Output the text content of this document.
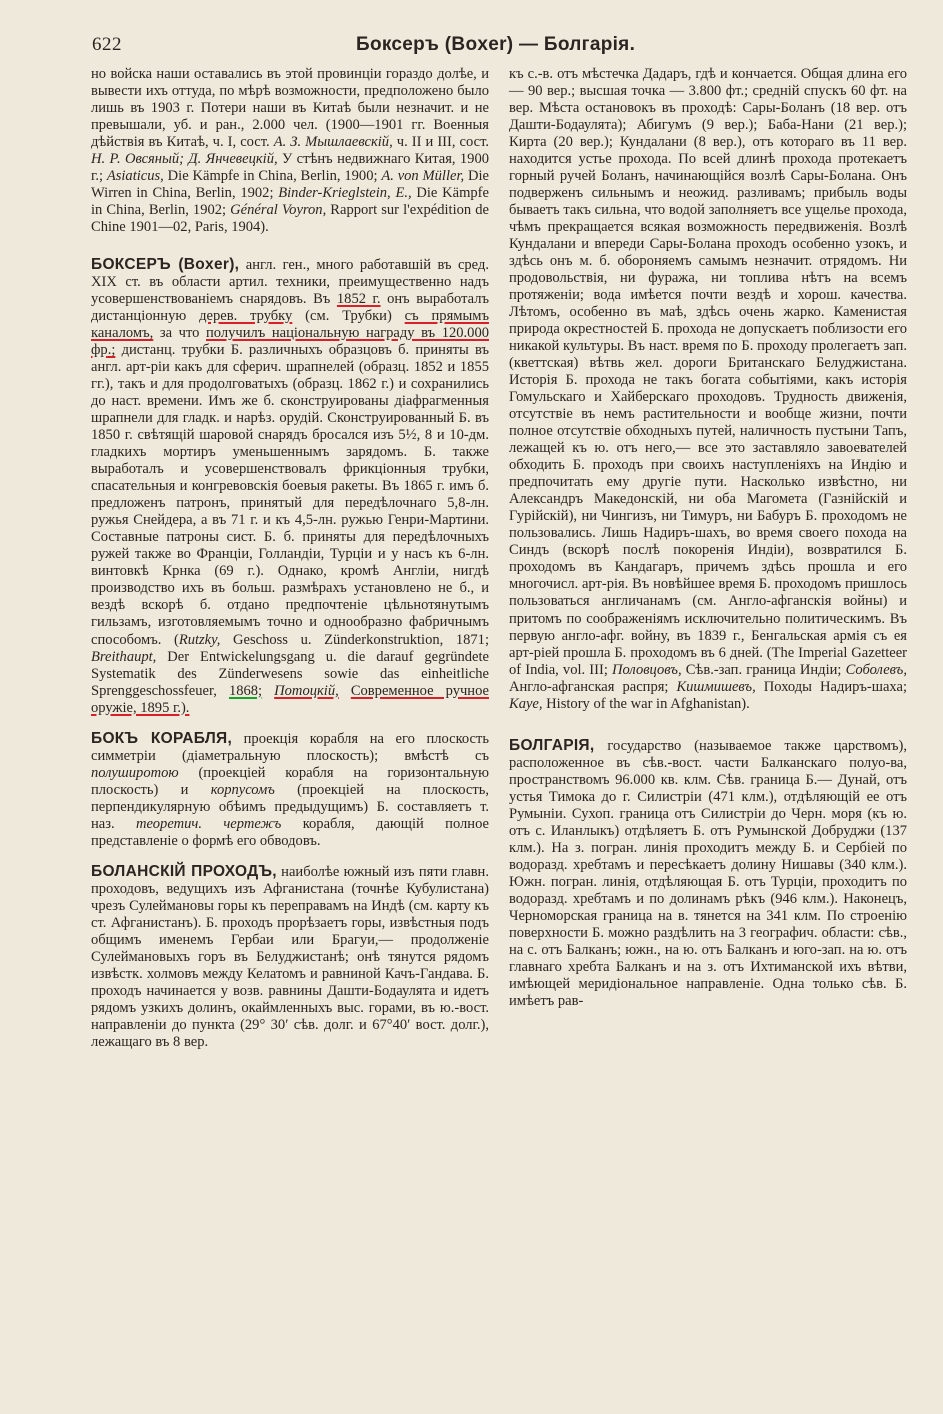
622	Боксеръ (Boxer) — Болгарія.

но войска наши оставались въ этой провинціи гораздо долѣе, и вывести ихъ оттуда, по мѣрѣ возможности, предположено было лишь въ 1903 г. Потери наши въ Китаѣ были незначит. и не превышали, уб. и ран., 2.000 чел. (1900—1901 гг. Военныя дѣйствія въ Китаѣ, ч. I, сост. А. З. Мышлаевскій, ч. II и III, сост. Н. Р. Овсяный; Д. Янчевецкій, У стѣнъ недвижнаго Китая, 1900 г.; Asiaticus, Die Kämpfe in China, Berlin, 1900; A. von Müller, Die Wirren in China, Berlin, 1902; Binder-Krieglstein, E., Die Kämpfe in China, Berlin, 1902; Général Voyron, Rapport sur l'expédition de Chine 1901—02, Paris, 1904).

БОКСЕРЪ (Boxer), англ. ген., много работавшій въ сред. XIX ст. въ области артил. техники, преимущественно надъ усовершенствованіемъ снарядовъ. Въ 1852 г. онъ выработалъ дистанціонную дерев. трубку (см. Трубки) съ прямымъ каналомъ, за что получилъ національную награду въ 120.000 фр.; дистанц. трубки Б. различныхъ образцовъ б. приняты въ англ. арт-ріи какъ для сферич. шрапнелей (образц. 1852 и 1855 гг.), такъ и для продолговатыхъ (образц. 1862 г.) и сохранились до наст. времени. Имъ же б. сконструированы діафрагменныя шрапнели для гладк. и нарѣз. орудій. Сконструированный Б. въ 1850 г. свѣтящій шаровой снарядъ бросался изъ 5½, 8 и 10-дм. гладкихъ мортиръ уменьшеннымъ зарядомъ. Б. также выработалъ и усовершенствовалъ фрикціонныя трубки, спасательныя и конгревовскія боевыя ракеты. Въ 1865 г. имъ б. предложенъ патронъ, принятый для передѣлочнаго 5,8-лн. ружья Снейдера, а въ 71 г. и къ 4,5-лн. ружью Генри-Мартини. Составные патроны сист. Б. б. приняты для передѣлочныхъ ружей также во Франціи, Голландіи, Турціи и у насъ къ 6-лн. винтовкѣ Крнка (69 г.). Однако, кромѣ Англіи, нигдѣ производство ихъ въ больш. размѣрахъ установлено не б., и вездѣ вскорѣ б. отдано предпочтеніе цѣльнотянутымъ гильзамъ, изготовляемымъ точно и однообразно фабричнымъ способомъ. (Rutzky, Geschoss u. Zünderkonstruktion, 1871; Breithaupt, Der Entwickelungsgang u. die darauf gegründete Systematik des Zünderwesens sowie das einheitliche Sprenggeschossfeuer, 1868; Потоцкій, Современное ручное оружіе, 1895 г.).

БОКЪ КОРАБЛЯ, проекція корабля на его плоскость симметріи (діаметральную плоскость); вмѣстѣ съ полуширотою (проекціей корабля на горизонтальную плоскость) и корпусомъ (проекціей на плоскость, перпендикулярную обѣимъ предыдущимъ) Б. составляетъ т. наз. теоретич. чертежъ корабля, дающій полное представленіе о формѣ его обводовъ.

БОЛАНСКІЙ ПРОХОДЪ, наиболѣе южный изъ пяти главн. проходовъ, ведущихъ изъ Афганистана (точнѣе Кубулистана) чрезъ Сулеймановы горы къ переправамъ на Индѣ (см. карту къ ст. Афганистанъ). Б. проходъ прорѣзаетъ горы, извѣстныя подъ общимъ именемъ Гербаи или Брагуи,— продолженіе Сулеймановыхъ горъ въ Белуджистанѣ; онѣ тянутся рядомъ извѣстк. холмовъ между Келатомъ и равниной Качъ-Гандава. Б. проходъ начинается у возв. равнины Дашти-Бодаулята и идетъ рядомъ узкихъ долинъ, окаймленныхъ выс. горами, въ ю.-вост. направленіи до пункта (29° 30′ сѣв. долг. и 67°40′ вост. долг.), лежащаго въ 8 вер.

къ с.-в. отъ мѣстечка Дадаръ, гдѣ и кончается. Общая длина его — 90 вер.; высшая точка — 3.800 фт.; средній спускъ 60 фт. на вер. Мѣста остановокъ въ проходѣ: Сары-Боланъ (18 вер. отъ Дашти-Бодаулята); Абигумъ (9 вер.); Баба-Нани (21 вер.); Кирта (20 вер.); Кундалани (8 вер.), отъ котораго въ 11 вер. находится устье прохода. По всей длинѣ прохода протекаетъ горный ручей Боланъ, начинающійся возлѣ Сары-Болана. Онъ подверженъ сильнымъ и неожид. разливамъ; прибыль воды бываетъ такъ сильна, что водой заполняетъ все ущелье прохода, чѣмъ прекращается всякая возможность передвиженія. Возлѣ Кундалани и впереди Сары-Болана проходъ особенно узокъ, и здѣсь онъ м. б. обороняемъ самымъ незначит. отрядомъ. Ни продовольствія, ни фуража, ни топлива нѣтъ на всемъ протяженіи; вода имѣется почти вездѣ и хорош. качества. Лѣтомъ, особенно въ маѣ, здѣсь очень жарко. Каменистая природа окрестностей Б. прохода не допускаетъ поблизости его никакой культуры. Въ наст. время по Б. проходу пролегаетъ зап. (кветтская) вѣтвь жел. дороги Британскаго Белуджистана. Исторія Б. прохода не такъ богата событіями, какъ исторія Гомульскаго и Хайберскаго проходовъ. Трудность движенія, отсутствіе въ немъ растительности и вообще жизни, почти полное отсутствіе обходныхъ путей, наличность пустыни Тапъ, лежащей къ ю. отъ него,— все это заставляло завоевателей обходить Б. проходъ при своихъ наступленіяхъ на Индію и предпочитать ему другіе пути. Насколько извѣстно, ни Александръ Македонскій, ни оба Магомета (Газнійскій и Гурійскій), ни Чингизъ, ни Тимуръ, ни Бабуръ Б. проходомъ не пользовались. Лишь Надиръ-шахъ, во время своего похода на Синдъ (вскорѣ послѣ покоренія Индіи), возвратился Б. проходомъ въ Кандагаръ, причемъ здѣсь прошла и его многочисл. арт-рія. Въ новѣйшее время Б. проходомъ пришлось пользоваться англичанамъ (см. Англо-афганскія войны) и притомъ по соображеніямъ исключительно политическимъ. Въ первую англо-афг. войну, въ 1839 г., Бенгальская армія съ ея арт-ріей прошла Б. проходомъ въ 6 дней. (The Imperial Gazetteer of India, vol. III; Половцовъ, Сѣв.-зап. граница Индіи; Соболевъ, Англо-афганская распря; Кишмишевъ, Походы Надиръ-шаха; Kaye, History of the war in Afghanistan).

БОЛГАРІЯ, государство (называемое также царствомъ), расположенное въ сѣв.-вост. части Балканскаго полуо-ва, пространствомъ 96.000 кв. клм. Сѣв. граница Б.— Дунай, отъ устья Тимока до г. Силистріи (471 клм.), отдѣляющій ее отъ Румыніи. Сухоп. граница отъ Силистріи до Черн. моря (къ ю. отъ с. Иланлыкъ) отдѣляетъ Б. отъ Румынской Добруджи (137 клм.). На з. погран. линія проходитъ между Б. и Сербіей по водоразд. хребтамъ и пересѣкаетъ долину Нишавы (340 клм.). Южн. погран. линія, отдѣляющая Б. отъ Турціи, проходитъ по водоразд. хребтамъ и по долинамъ рѣкъ (946 клм.). Наконецъ, Черноморская граница на в. тянется на 341 клм. По строенію поверхности Б. можно раздѣлить на 3 географич. области: сѣв., на с. отъ Балканъ; южн., на ю. отъ Балканъ и юго-зап. на ю. отъ главнаго хребта Балканъ и на з. отъ Ихтиманской ихъ вѣтви, имѣющей меридіональное направленіе. Одна только сѣв. Б. имѣетъ рав-
